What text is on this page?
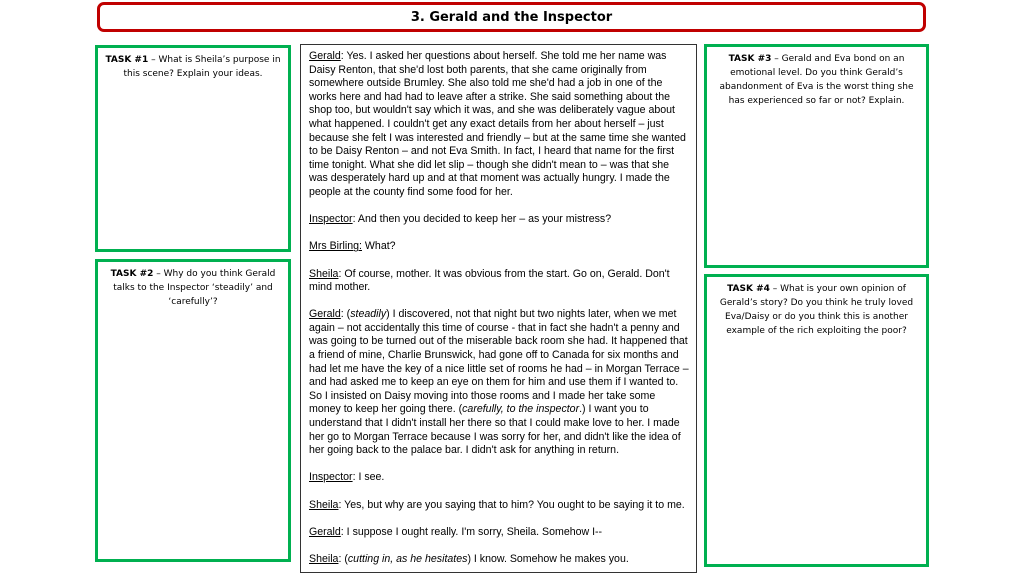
3. Gerald and the Inspector
TASK #1 – What is Sheila’s purpose in this scene? Explain your ideas.
TASK #2 – Why do you think Gerald talks to the Inspector ‘steadily’ and ‘carefully’?

Gerald: Yes. I asked her questions about herself. She told me her name was Daisy Renton, that she'd lost both parents, that she came originally from somewhere outside Brumley. She also told me she'd had a job in one of the works here and had had to leave after a strike. She said something about the shop too, but wouldn't say which it was, and she was deliberately vague about what happened. I couldn't get any exact details from her about herself – just because she felt I was interested and friendly – but at the same time she wanted to be Daisy Renton – and not Eva Smith. In fact, I heard that name for the first time tonight. What she did let slip – though she didn't mean to – was that she was desperately hard up and at that moment was actually hungry. I made the people at the county find some food for her.

Inspector: And then you decided to keep her – as your mistress?

Mrs Birling: What?

Sheila: Of course, mother. It was obvious from the start. Go on, Gerald. Don't mind mother.

Gerald: (steadily) I discovered, not that night but two nights later, when we met again – not accidentally this time of course - that in fact she hadn't a penny and was going to be turned out of the miserable back room she had. It happened that a friend of mine, Charlie Brunswick, had gone off to Canada for six months and had let me have the key of a nice little set of rooms he had – in Morgan Terrace – and had asked me to keep an eye on them for him and use them if I wanted to. So I insisted on Daisy moving into those rooms and I made her take some money to keep her going there. (carefully, to the inspector.) I want you to understand that I didn't install her there so that I could make love to her. I made her go to Morgan Terrace because I was sorry for her, and didn't like the idea of her going back to the palace bar. I didn't ask for anything in return.

Inspector: I see.

Sheila: Yes, but why are you saying that to him? You ought to be saying it to me.

Gerald: I suppose I ought really. I'm sorry, Sheila. Somehow I--

Sheila: (cutting in, as he hesitates) I know. Somehow he makes you.

TASK #3 – Gerald and Eva bond on an emotional level. Do you think Gerald’s abandonment of Eva is the worst thing she has experienced so far or not? Explain.
TASK #4 – What is your own opinion of Gerald’s story? Do you think he truly loved Eva/Daisy or do you think this is another example of the rich exploiting the poor?
